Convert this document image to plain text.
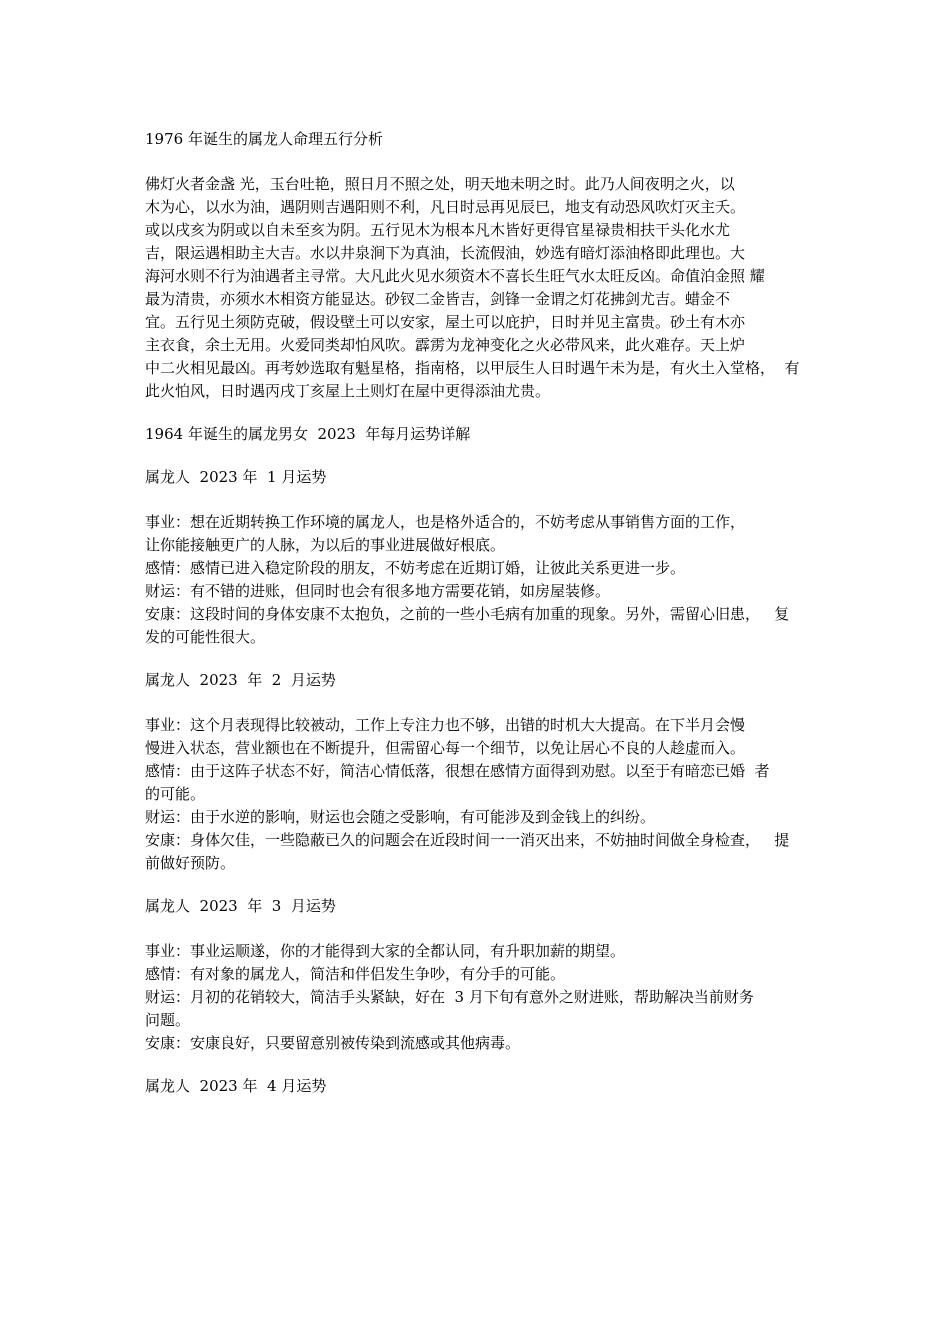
1976 年诞生的属龙人命理五行分析
佛灯火者金盏 光，玉台吐艳，照日月不照之处，明天地未明之时。此乃人间夜明之火，以
木为心，以水为油，遇阴则吉遇阳则不利，凡日时忌再见辰巳，地支有动恐风吹灯灭主夭。
或以戌亥为阴或以自未至亥为阴。五行见木为根本凡木皆好更得官星禄贵相扶干头化水尤
吉，限运遇相助主大吉。水以井泉涧下为真油，长流假油，妙选有暗灯添油格即此理也。大
海河水则不行为油遇者主寻常。大凡此火见水须资木不喜长生旺气水太旺反凶。命值泊金照 耀
最为清贵，亦须水木相资方能显达。砂钗二金皆吉，剑锋一金谓之灯花拂剑尤吉。蜡金不
宜。五行见土须防克破，假设壁土可以安家，屋土可以庇护，日时并见主富贵。砂土有木亦
主衣食，余土无用。火爱同类却怕风吹。霹雳为龙神变化之火必带风来，此火难存。天上炉
中二火相见最凶。再考妙选取有魁星格，指南格，以甲辰生人日时遇午未为是，有火土入堂格，  有
此火怕风，日时遇丙戌丁亥屋上土则灯在屋中更得添油尤贵。
1964 年诞生的属龙男女  2023  年每月运势详解
属龙人  2023 年  1 月运势
事业：想在近期转换工作环境的属龙人，也是格外适合的，不妨考虑从事销售方面的工作，
让你能接触更广的人脉，为以后的事业进展做好根底。
感情：感情已进入稳定阶段的朋友，不妨考虑在近期订婚，让彼此关系更进一步。
财运：有不错的进账，但同时也会有很多地方需要花销，如房屋装修。
安康：这段时间的身体安康不太抱负，之前的一些小毛病有加重的现象。另外，需留心旧患，   复
发的可能性很大。
属龙人  2023  年  2  月运势
事业：这个月表现得比较被动，工作上专注力也不够，出错的时机大大提高。在下半月会慢
慢进入状态，营业额也在不断提升，但需留心每一个细节，以免让居心不良的人趁虚而入。
感情：由于这阵子状态不好，简洁心情低落，很想在感情方面得到劝慰。以至于有暗恋已婚  者
的可能。
财运：由于水逆的影响，财运也会随之受影响，有可能涉及到金钱上的纠纷。
安康：身体欠佳，一些隐蔽已久的问题会在近段时间一一消灭出来，不妨抽时间做全身检查，   提
前做好预防。
属龙人  2023  年  3  月运势
事业：事业运顺遂，你的才能得到大家的全都认同，有升职加薪的期望。
感情：有对象的属龙人，简洁和伴侣发生争吵，有分手的可能。
财运：月初的花销较大，简洁手头紧缺，好在  3 月下旬有意外之财进账，帮助解决当前财务
问题。
安康：安康良好，只要留意别被传染到流感或其他病毒。
属龙人  2023 年  4 月运势
